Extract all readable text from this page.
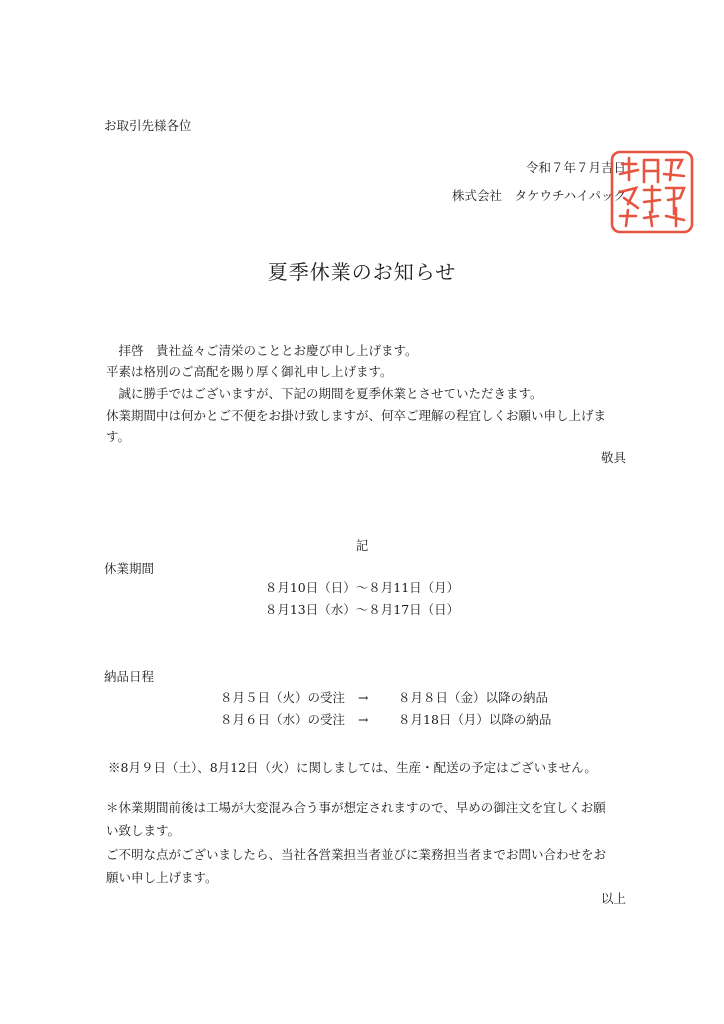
お取引先様各位
令和７年７月吉日
株式会社　タケウチハイパック
夏季休業のお知らせ
　拝啓　貴社益々ご清栄のこととお慶び申し上げます。
平素は格別のご高配を賜り厚く御礼申し上げます。
　誠に勝手ではございますが、下記の期間を夏季休業とさせていただきます。
休業期間中は何かとご不便をお掛け致しますが、何卒ご理解の程宜しくお願い申し上げま
す。
敬具
記
休業期間
８月10日（日）～８月11日（月）
８月13日（水）～８月17日（日）
納品日程
８月５日（火）の受注 → ８月８日（金）以降の納品
８月６日（水）の受注 → ８月18日（月）以降の納品
※8月９日（土）、8月12日（火）に関しましては、生産・配送の予定はございません。
＊休業期間前後は工場が大変混み合う事が想定されますので、早めの御注文を宜しくお願
い致します。
ご不明な点がございましたら、当社各営業担当者並びに業務担当者までお問い合わせをお
願い申し上げます。
以上
